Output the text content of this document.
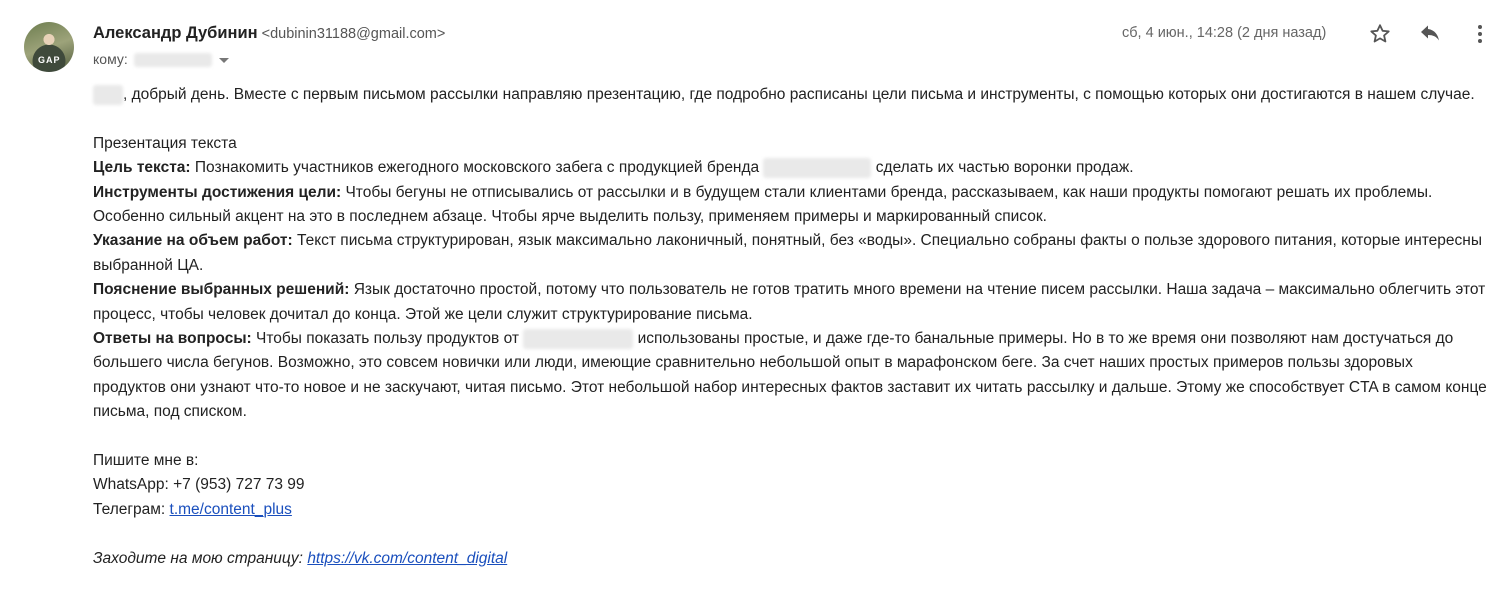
GAP
Александр Дубинин <dubinin31188@gmail.com>
кому:
сб, 4 июн., 14:28 (2 дня назад)

, добрый день. Вместе с первым письмом рассылки направляю презентацию, где подробно расписаны цели письма и инструменты, с помощью которых они достигаются в нашем случае.

Презентация текста

Цель текста: Познакомить участников ежегодного московского забега с продукцией бренда	сделать их частью воронки продаж.

Инструменты достижения цели: Чтобы бегуны не отписывались от рассылки и в будущем стали клиентами бренда, рассказываем, как наши продукты помогают решать их проблемы. Особенно сильный акцент на это в последнем абзаце. Чтобы ярче выделить пользу, применяем примеры и маркированный список.

Указание на объем работ: Текст письма структурирован, язык максимально лаконичный, понятный, без «воды». Специально собраны факты о пользе здорового питания, которые интересны выбранной ЦА.

Пояснение выбранных решений: Язык достаточно простой, потому что пользователь не готов тратить много времени на чтение писем рассылки. Наша задача – максимально облегчить этот процесс, чтобы человек дочитал до конца. Этой же цели служит структурирование письма.

Ответы на вопросы: Чтобы показать пользу продуктов от	использованы простые, и даже где-то банальные примеры. Но в то же время они позволяют нам достучаться до большего числа бегунов. Возможно, это совсем новички или люди, имеющие сравнительно небольшой опыт в марафонском беге. За счет наших простых примеров пользы здоровых продуктов они узнают что-то новое и не заскучают, читая письмо. Этот небольшой набор интересных фактов заставит их читать рассылку и дальше. Этому же способствует CTA в самом конце письма, под списком.

Пишите мне в:

WhatsApp: +7 (953) 727 73 99

Телеграм: t.me/content_plus

Заходите на мою страницу: https://vk.com/content_digital
